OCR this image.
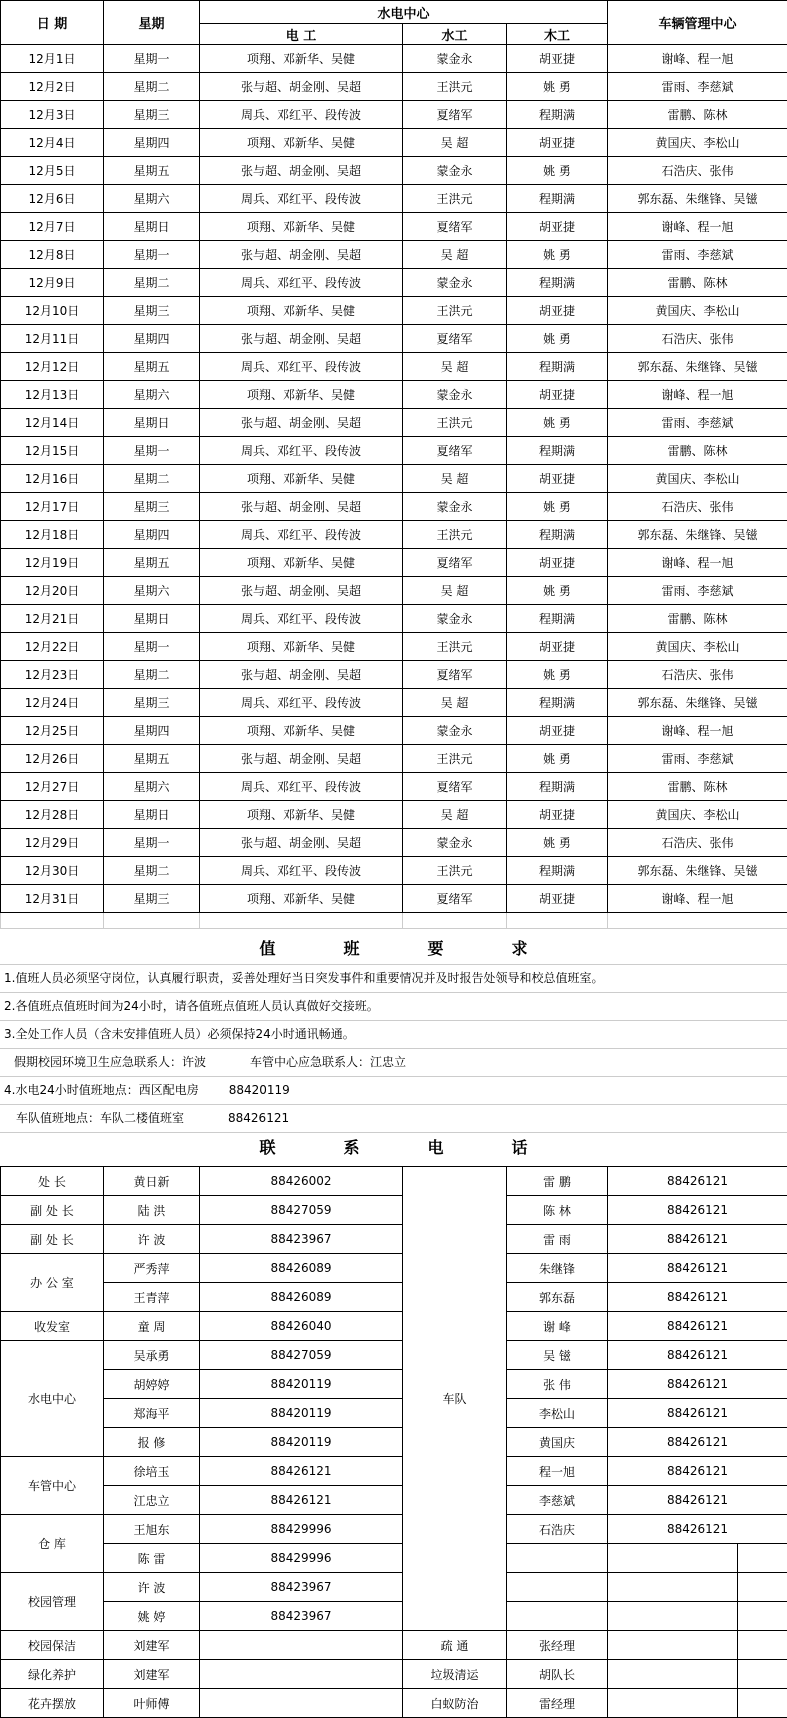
日 期	星期	水电中心			车辆管理中心
		电 工	水工	木工	
12月1日	星期一	项翔、邓新华、吴健	蒙金永	胡亚捷	谢峰、程一旭
12月2日	星期二	张与超、胡金刚、吴超	王洪元	姚 勇	雷雨、李慈斌
12月3日	星期三	周兵、邓红平、段传波	夏绪军	程期满	雷鹏、陈林
12月4日	星期四	项翔、邓新华、吴健	吴 超	胡亚捷	黄国庆、李松山
12月5日	星期五	张与超、胡金刚、吴超	蒙金永	姚 勇	石浩庆、张伟
12月6日	星期六	周兵、邓红平、段传波	王洪元	程期满	郭东磊、朱继锋、吴镃
12月7日	星期日	项翔、邓新华、吴健	夏绪军	胡亚捷	谢峰、程一旭
12月8日	星期一	张与超、胡金刚、吴超	吴 超	姚 勇	雷雨、李慈斌
12月9日	星期二	周兵、邓红平、段传波	蒙金永	程期满	雷鹏、陈林
12月10日	星期三	项翔、邓新华、吴健	王洪元	胡亚捷	黄国庆、李松山
12月11日	星期四	张与超、胡金刚、吴超	夏绪军	姚 勇	石浩庆、张伟
12月12日	星期五	周兵、邓红平、段传波	吴 超	程期满	郭东磊、朱继锋、吴镃
12月13日	星期六	项翔、邓新华、吴健	蒙金永	胡亚捷	谢峰、程一旭
12月14日	星期日	张与超、胡金刚、吴超	王洪元	姚 勇	雷雨、李慈斌
12月15日	星期一	周兵、邓红平、段传波	夏绪军	程期满	雷鹏、陈林
12月16日	星期二	项翔、邓新华、吴健	吴 超	胡亚捷	黄国庆、李松山
12月17日	星期三	张与超、胡金刚、吴超	蒙金永	姚 勇	石浩庆、张伟
12月18日	星期四	周兵、邓红平、段传波	王洪元	程期满	郭东磊、朱继锋、吴镃
12月19日	星期五	项翔、邓新华、吴健	夏绪军	胡亚捷	谢峰、程一旭
12月20日	星期六	张与超、胡金刚、吴超	吴 超	姚 勇	雷雨、李慈斌
12月21日	星期日	周兵、邓红平、段传波	蒙金永	程期满	雷鹏、陈林
12月22日	星期一	项翔、邓新华、吴健	王洪元	胡亚捷	黄国庆、李松山
12月23日	星期二	张与超、胡金刚、吴超	夏绪军	姚 勇	石浩庆、张伟
12月24日	星期三	周兵、邓红平、段传波	吴 超	程期满	郭东磊、朱继锋、吴镃
12月25日	星期四	项翔、邓新华、吴健	蒙金永	胡亚捷	谢峰、程一旭
12月26日	星期五	张与超、胡金刚、吴超	王洪元	姚 勇	雷雨、李慈斌
12月27日	星期六	周兵、邓红平、段传波	夏绪军	程期满	雷鹏、陈林
12月28日	星期日	项翔、邓新华、吴健	吴 超	胡亚捷	黄国庆、李松山
12月29日	星期一	张与超、胡金刚、吴超	蒙金永	姚 勇	石浩庆、张伟
12月30日	星期二	周兵、邓红平、段传波	王洪元	程期满	郭东磊、朱继锋、吴镃
12月31日	星期三	项翔、邓新华、吴健	夏绪军	胡亚捷	谢峰、程一旭

值	班	要	求
1.值班人员必须坚守岗位，认真履行职责，妥善处理好当日突发事件和重要情况并及时报告处领导和校总值班室。
2.各值班点值班时间为24小时，请各值班点值班人员认真做好交接班。
3.全处工作人员（含未安排值班人员）必须保持24小时通讯畅通。
假期校园环境卫生应急联系人：许波	车管中心应急联系人：江忠立
4.水电24小时值班地点：西区配电房	88420119
车队值班地点：车队二楼值班室	88426121
联	系	电	话
处 长	黄日新	88426002	车队	雷 鹏	88426121	
副 处 长	陆 洪	88427059		陈 林	88426121	
副 处 长	许 波	88423967		雷 雨	88426121	
办 公 室	严秀萍	88426089		朱继锋	88426121	
	王青萍	88426089		郭东磊	88426121	
收发室	童 周	88426040		谢 峰	88426121	
水电中心	吴承勇	88427059		吴 镃	88426121	
	胡婷婷	88420119		张 伟	88426121	
	郑海平	88420119		李松山	88426121	
	报 修	88420119		黄国庆	88426121	
车管中心	徐培玉	88426121		程一旭	88426121	
	江忠立	88426121		李慈斌	88426121	
仓 库	王旭东	88429996		石浩庆	88426121	
	陈 雷	88429996				
校园管理	许 波	88423967				
	姚 婷	88423967				
校园保洁	刘建军		疏 通	张经理		
绿化养护	刘建军		垃圾清运	胡队长		
花卉摆放	叶师傅		白蚁防治	雷经理		
